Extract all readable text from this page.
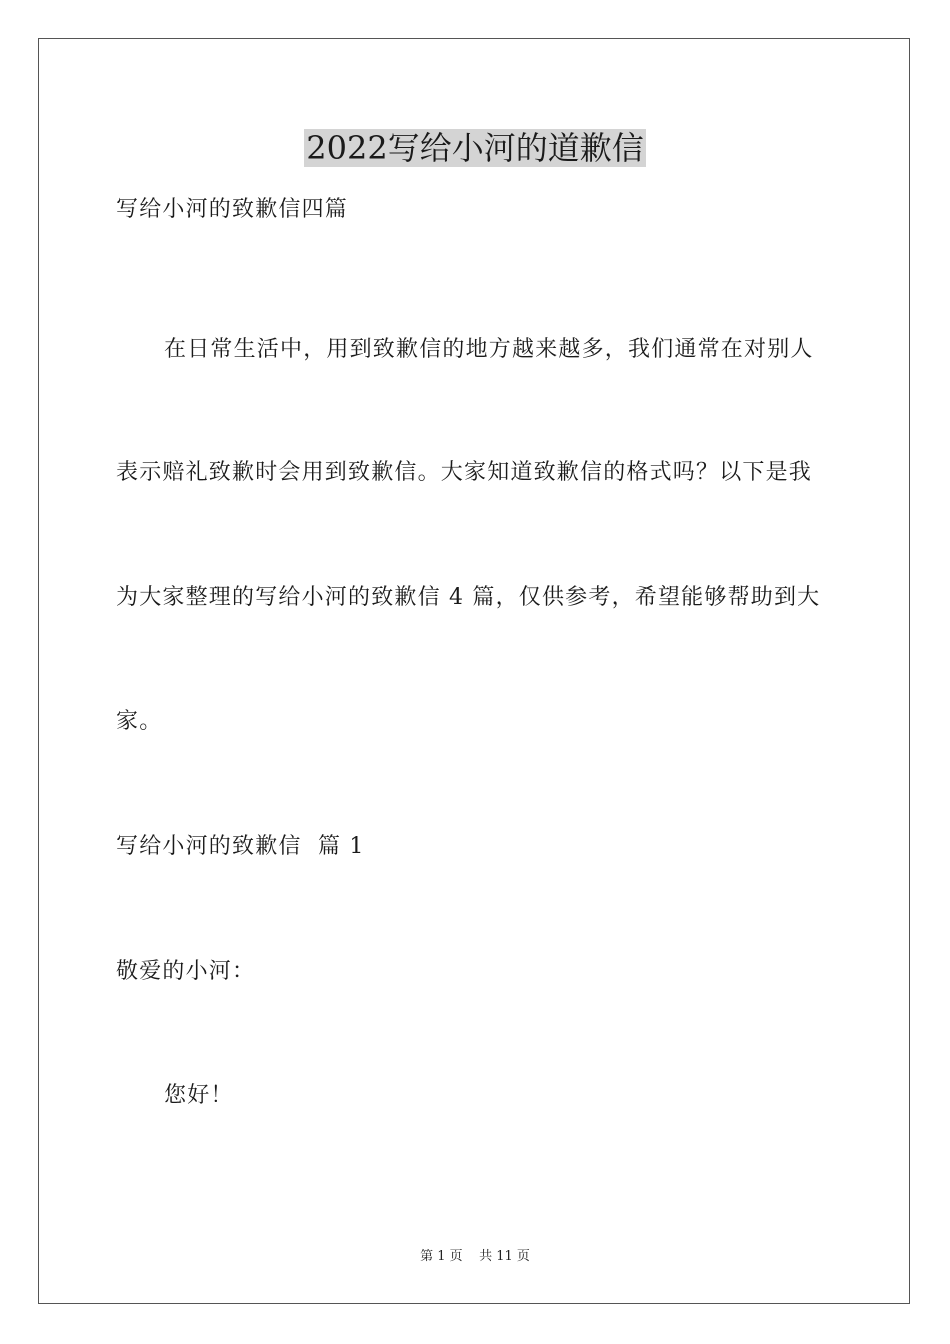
2022写给小河的道歉信
写给小河的致歉信四篇
在日常生活中，用到致歉信的地方越来越多，我们通常在对别人
表示赔礼致歉时会用到致歉信。大家知道致歉信的格式吗？以下是我
为大家整理的写给小河的致歉信 4 篇，仅供参考，希望能够帮助到大
家。
写给小河的致歉信  篇 1
敬爱的小河：
您好！
第 1 页    共 11 页
